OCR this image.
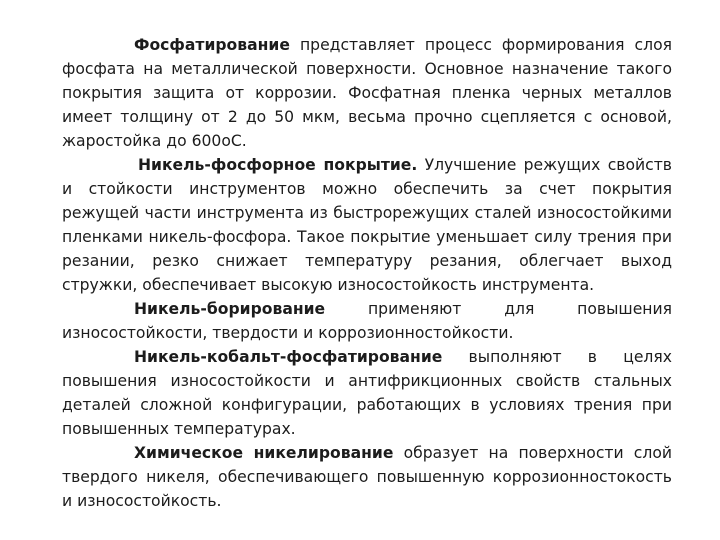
Фосфатирование представляет процесс формирования слоя фосфата на металлической поверхности. Основное назначение такого покрытия защита от коррозии. Фосфатная пленка черных металлов имеет толщину от 2 до 50 мкм, весьма прочно сцепляется с основой, жаростойка до 600оС.

Никель-фосфорное покрытие. Улучшение режущих свойств и стойкости инструментов можно обеспечить за счет покрытия режущей части инструмента из быстрорежущих сталей износостойкими пленками никель-фосфора. Такое покрытие уменьшает силу трения при резании, резко снижает температуру резания, облегчает выход стружки, обеспечивает высокую износостойкость инструмента.

Никель-борирование применяют для повышения износостойкости, твердости и коррозионностойкости.

Никель-кобальт-фосфатирование выполняют в целях повышения износостойкости и антифрикционных свойств стальных деталей сложной конфигурации, работающих в условиях трения при повышенных температурах.

Химическое никелирование образует на поверхности слой твердого никеля, обеспечивающего повышенную коррозионностокость и износостойкость.
